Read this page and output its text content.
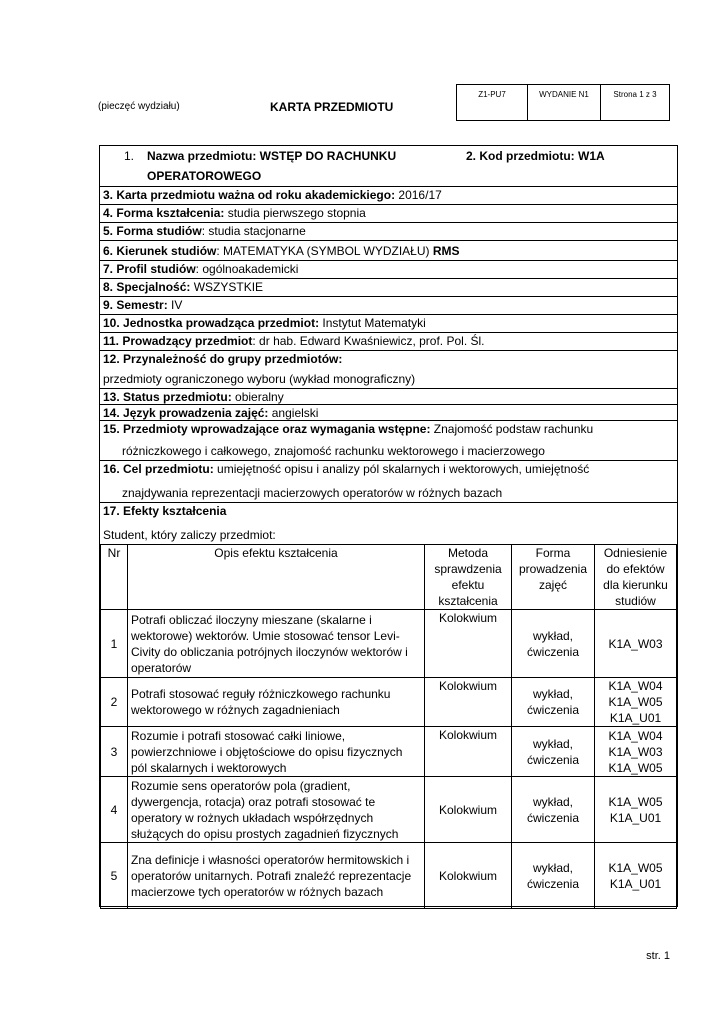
(pieczęć wydziału)	KARTA PRZEDMIOTU
Z1-PU7	WYDANIE N1	Strona 1 z 3
1. Nazwa przedmiotu: WSTĘP DO RACHUNKU	2. Kod przedmiotu: W1A
OPERATOROWEGO
3. Karta przedmiotu ważna od roku akademickiego: 2016/17
4. Forma kształcenia: studia pierwszego stopnia
5. Forma studiów: studia stacjonarne
6. Kierunek studiów: MATEMATYKA (SYMBOL WYDZIAŁU) RMS
7. Profil studiów: ogólnoakademicki
8. Specjalność: WSZYSTKIE
9. Semestr: IV
10. Jednostka prowadząca przedmiot: Instytut Matematyki
11. Prowadzący przedmiot: dr hab. Edward Kwaśniewicz, prof. Pol. Śl.
12. Przynależność do grupy przedmiotów:
przedmioty ograniczonego wyboru (wykład monograficzny)
13. Status przedmiotu: obieralny
14. Język prowadzenia zajęć: angielski
15. Przedmioty wprowadzające oraz wymagania wstępne: Znajomość podstaw rachunku
różniczkowego i całkowego, znajomość rachunku wektorowego i macierzowego
16. Cel przedmiotu: umiejętność opisu i analizy pól skalarnych i wektorowych, umiejętność
znajdywania reprezentacji macierzowych operatorów w różnych bazach
17. Efekty kształcenia
Student, który zaliczy przedmiot:
Nr	Opis efektu kształcenia	Metoda sprawdzenia efektu kształcenia	Forma prowadzenia zajęć	Odniesienie do efektów dla kierunku studiów
1	Potrafi obliczać iloczyny mieszane (skalarne i wektorowe) wektorów. Umie stosować tensor Levi-Civity do obliczania potrójnych iloczynów wektorów i operatorów	Kolokwium	wykład, ćwiczenia	K1A_W03
2	Potrafi stosować reguły różniczkowego rachunku wektorowego w różnych zagadnieniach	Kolokwium	wykład, ćwiczenia	K1A_W04 K1A_W05 K1A_U01
3	Rozumie i potrafi stosować całki liniowe, powierzchniowe i objętościowe do opisu fizycznych pól skalarnych i wektorowych	Kolokwium	wykład, ćwiczenia	K1A_W04 K1A_W03 K1A_W05
4	Rozumie sens operatorów pola (gradient, dywergencja, rotacja) oraz potrafi stosować te operatory w rożnych układach współrzędnych służących do opisu prostych zagadnień fizycznych	Kolokwium	wykład, ćwiczenia	K1A_W05 K1A_U01
5	Zna definicje i własności operatorów hermitowskich i operatorów unitarnych. Potrafi znaleźć reprezentacje macierzowe tych operatorów w różnych bazach	Kolokwium	wykład, ćwiczenia	K1A_W05 K1A_U01
str. 1
